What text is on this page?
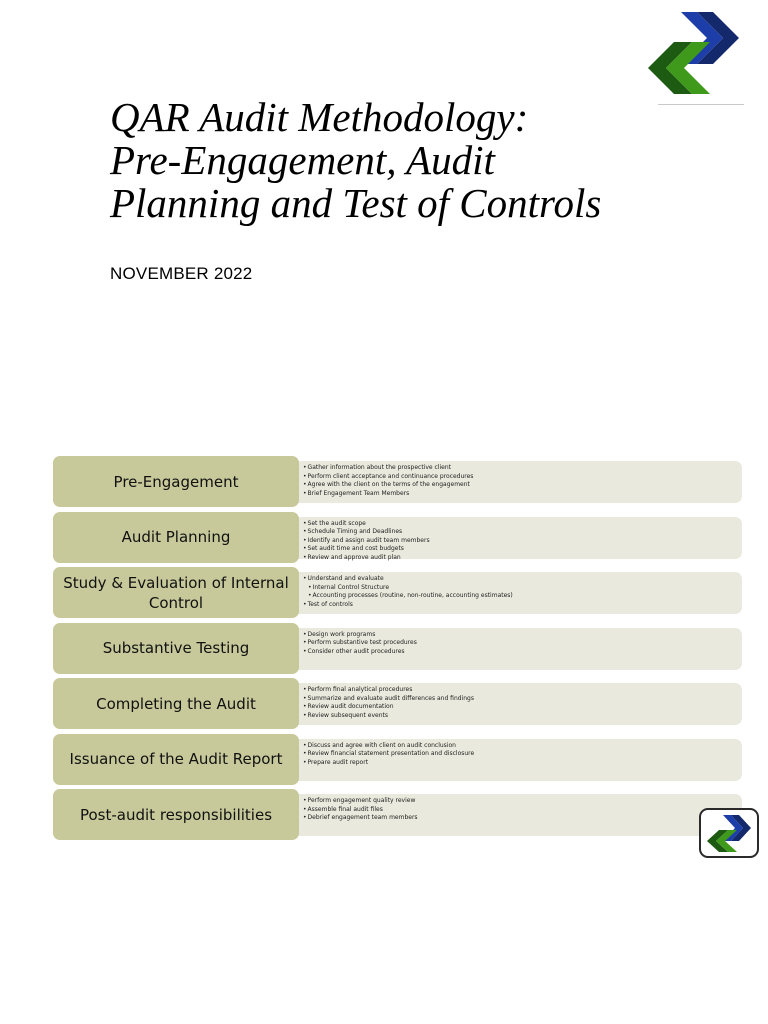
QAR Audit Methodology:
Pre-Engagement, Audit
Planning and Test of Controls
NOVEMBER 2022
Pre-Engagement
• Gather information about the prospective client
• Perform client acceptance and continuance procedures
• Agree with the client on the terms of the engagement
• Brief Engagement Team Members
Audit Planning
• Set the audit scope
• Schedule Timing and Deadlines
• Identify and assign audit team members
• Set audit time and cost budgets
• Review and approve audit plan
Study & Evaluation of Internal Control
• Understand and evaluate
• Internal Control Structure
• Accounting processes (routine, non-routine, accounting estimates)
• Test of controls
Substantive Testing
• Design work programs
• Perform substantive test procedures
• Consider other audit procedures
Completing the Audit
• Perform final analytical procedures
• Summarize and evaluate audit differences and findings
• Review audit documentation
• Review subsequent events
Issuance of the Audit Report
• Discuss and agree with client on audit conclusion
• Review financial statement presentation and disclosure
• Prepare audit report
Post-audit responsibilities
• Perform engagement quality review
• Assemble final audit files
• Debrief engagement team members
